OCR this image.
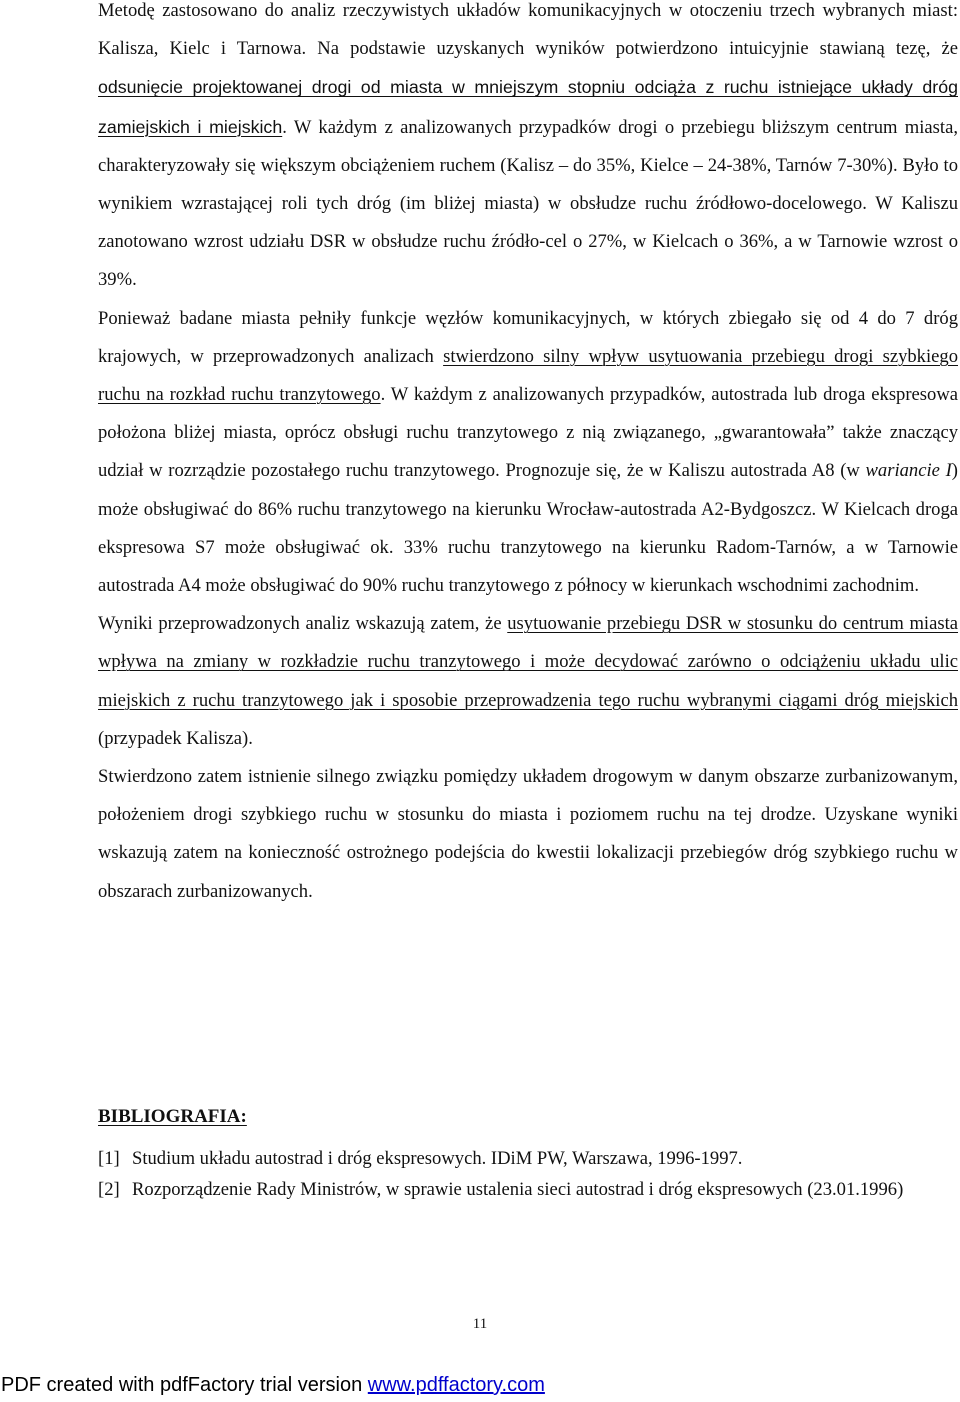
Metodę zastosowano do analiz rzeczywistych układów komunikacyjnych w otoczeniu trzech wybranych miast: Kalisza, Kielc i Tarnowa. Na podstawie uzyskanych wyników potwierdzono intuicyjnie stawianą tezę, że odsunięcie projektowanej drogi od miasta w mniejszym stopniu odciąża z ruchu istniejące układy dróg zamiejskich i miejskich. W każdym z analizowanych przypadków drogi o przebiegu bliższym centrum miasta, charakteryzowały się większym obciążeniem ruchem (Kalisz – do 35%, Kielce – 24-38%, Tarnów 7-30%). Było to wynikiem wzrastającej roli tych dróg (im bliżej miasta) w obsłudze ruchu źródłowo-docelowego. W Kaliszu zanotowano wzrost udziału DSR w obsłudze ruchu źródło-cel o 27%, w Kielcach o 36%, a w Tarnowie wzrost o 39%.

Ponieważ badane miasta pełniły funkcje węzłów komunikacyjnych, w których zbiegało się od 4 do 7 dróg krajowych, w przeprowadzonych analizach stwierdzono silny wpływ usytuowania przebiegu drogi szybkiego ruchu na rozkład ruchu tranzytowego. W każdym z analizowanych przypadków, autostrada lub droga ekspresowa położona bliżej miasta, oprócz obsługi ruchu tranzytowego z nią związanego, „gwarantowała” także znaczący udział w rozrządzie pozostałego ruchu tranzytowego. Prognozuje się, że w Kaliszu autostrada A8 (w wariancie I) może obsługiwać do 86% ruchu tranzytowego na kierunku Wrocław-autostrada A2-Bydgoszcz. W Kielcach droga ekspresowa S7 może obsługiwać ok. 33% ruchu tranzytowego na kierunku Radom-Tarnów, a w Tarnowie autostrada A4 może obsługiwać do 90% ruchu tranzytowego z północy w kierunkach wschodnimi zachodnim.

Wyniki przeprowadzonych analiz wskazują zatem, że usytuowanie przebiegu DSR w stosunku do centrum miasta wpływa na zmiany w rozkładzie ruchu tranzytowego i może decydować zarówno o odciążeniu układu ulic miejskich z ruchu tranzytowego jak i sposobie przeprowadzenia tego ruchu wybranymi ciągami dróg miejskich (przypadek Kalisza).

Stwierdzono zatem istnienie silnego związku pomiędzy układem drogowym w danym obszarze zurbanizowanym, położeniem drogi szybkiego ruchu w stosunku do miasta i poziomem ruchu na tej drodze. Uzyskane wyniki wskazują zatem na konieczność ostrożnego podejścia do kwestii lokalizacji przebiegów dróg szybkiego ruchu w obszarach zurbanizowanych.

BIBLIOGRAFIA:
[1] Studium układu autostrad i dróg ekspresowych. IDiM PW, Warszawa, 1996-1997.
[2] Rozporządzenie Rady Ministrów, w sprawie ustalenia sieci autostrad i dróg ekspresowych (23.01.1996)
11
PDF created with pdfFactory trial version www.pdffactory.com
